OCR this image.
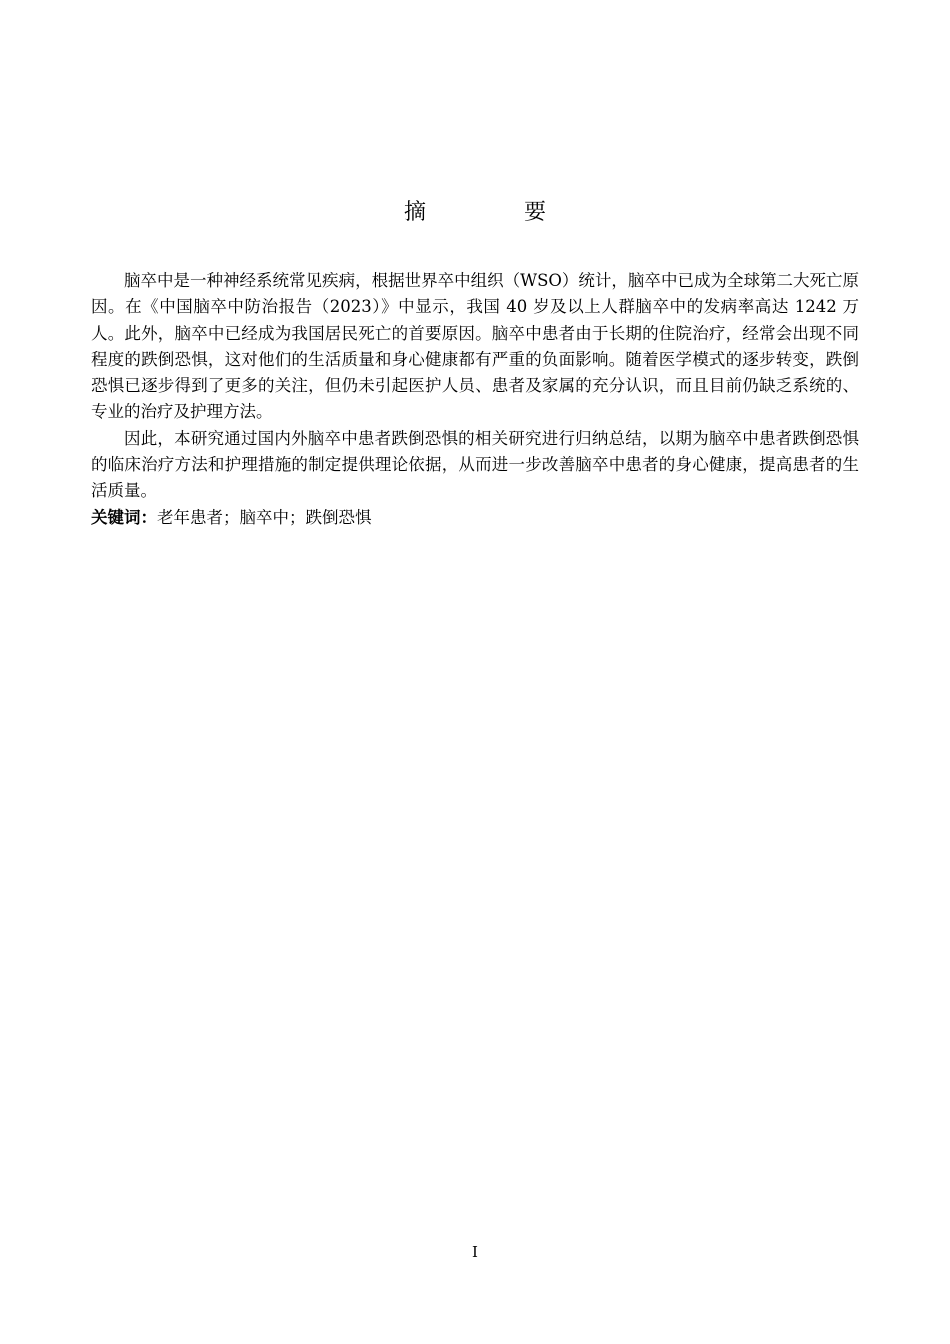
摘　要

脑卒中是一种神经系统常见疾病，根据世界卒中组织（WSO）统计，脑卒中已成为全球第二大死亡原因。在《中国脑卒中防治报告（2023）》中显示，我国 40 岁及以上人群脑卒中的发病率高达 1242 万人。此外，脑卒中已经成为我国居民死亡的首要原因。脑卒中患者由于长期的住院治疗，经常会出现不同程度的跌倒恐惧，这对他们的生活质量和身心健康都有严重的负面影响。随着医学模式的逐步转变，跌倒恐惧已逐步得到了更多的关注，但仍未引起医护人员、患者及家属的充分认识，而且目前仍缺乏系统的、专业的治疗及护理方法。

因此，本研究通过国内外脑卒中患者跌倒恐惧的相关研究进行归纳总结，以期为脑卒中患者跌倒恐惧的临床治疗方法和护理措施的制定提供理论依据，从而进一步改善脑卒中患者的身心健康，提高患者的生活质量。

关键词：老年患者；脑卒中；跌倒恐惧
I
